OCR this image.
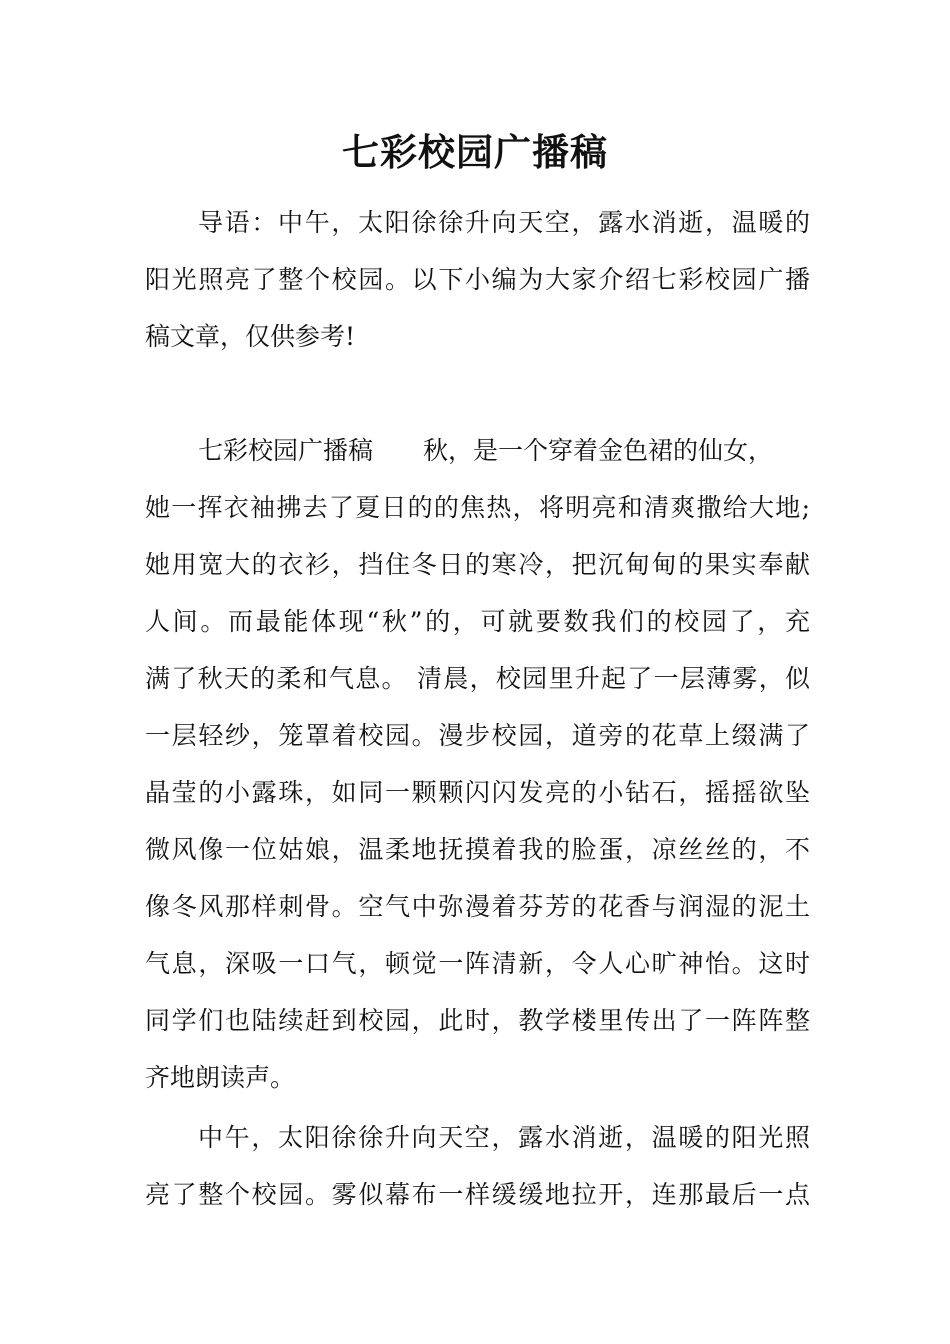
七彩校园广播稿
导语：中午，太阳徐徐升向天空，露水消逝，温暖的
阳光照亮了整个校园。以下小编为大家介绍七彩校园广播
稿文章，仅供参考!
七彩校园广播稿 秋，是一个穿着金色裙的仙女，
她一挥衣袖拂去了夏日的的焦热，将明亮和清爽撒给大地;
她用宽大的衣衫，挡住冬日的寒冷，把沉甸甸的果实奉献
人间。而最能体现“秋”的，可就要数我们的校园了，充
满了秋天的柔和气息。 清晨，校园里升起了一层薄雾，似
一层轻纱，笼罩着校园。漫步校园，道旁的花草上缀满了
晶莹的小露珠，如同一颗颗闪闪发亮的小钻石，摇摇欲坠
微风像一位姑娘，温柔地抚摸着我的脸蛋，凉丝丝的，不
像冬风那样刺骨。空气中弥漫着芬芳的花香与润湿的泥土
气息，深吸一口气，顿觉一阵清新，令人心旷神怡。这时
同学们也陆续赶到校园，此时，教学楼里传出了一阵阵整
齐地朗读声。
中午，太阳徐徐升向天空，露水消逝，温暖的阳光照
亮了整个校园。雾似幕布一样缓缓地拉开，连那最后一点
